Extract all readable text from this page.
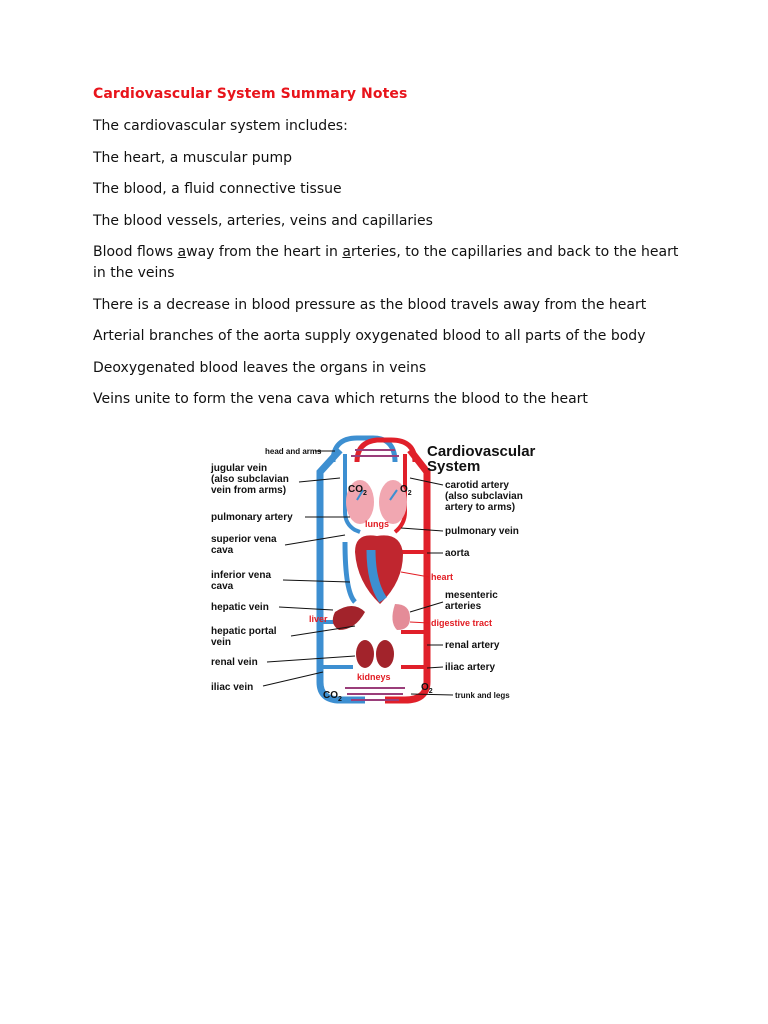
Cardiovascular System Summary Notes

The cardiovascular system includes:

The heart, a muscular pump

The blood, a fluid connective tissue

The blood vessels, arteries, veins and capillaries

Blood flows away from the heart in arteries, to the capillaries and back to the heart in the veins

There is a decrease in blood pressure as the blood travels away from the heart

Arterial branches of the aorta supply oxygenated blood to all parts of the body

Deoxygenated blood leaves the organs in veins

Veins unite to form the vena cava which returns the blood to the heart

Cardiovascular
System
head and arms
jugular vein
(also subclavian
vein from arms)
pulmonary artery
superior vena
cava
inferior vena
cava
hepatic vein
hepatic portal
vein
renal vein
iliac vein
carotid artery
(also subclavian
artery to arms)
pulmonary vein
aorta
mesenteric
arteries
renal artery
iliac artery
trunk and legs
lungs
heart
liver	digestive tract
kidneys
$CO_2$	$O_2$
$CO_2$
$O_2$
